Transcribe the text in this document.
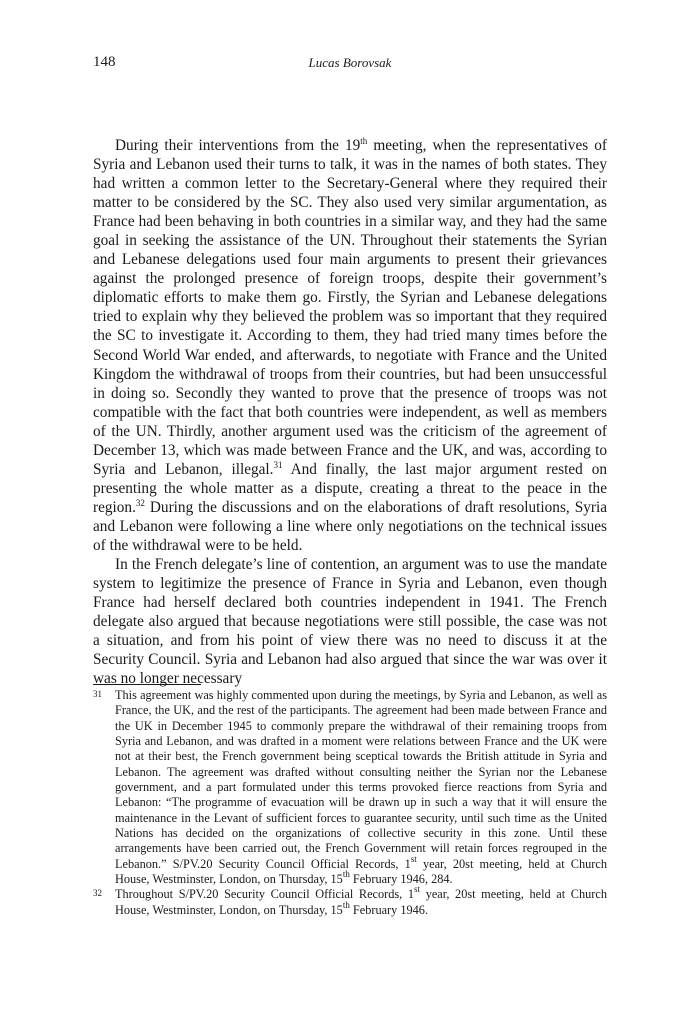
148	Lucas Borovsak

During their interventions from the 19th meeting, when the representatives of Syria and Lebanon used their turns to talk, it was in the names of both states. They had written a common letter to the Secretary-General where they required their matter to be considered by the SC. They also used very similar argumentation, as France had been behaving in both countries in a similar way, and they had the same goal in seeking the assistance of the UN. Throughout their statements the Syrian and Lebanese delegations used four main arguments to present their grievances against the prolonged presence of foreign troops, despite their government’s diplomatic efforts to make them go. Firstly, the Syrian and Lebanese delegations tried to explain why they believed the problem was so important that they required the SC to investigate it. According to them, they had tried many times before the Second World War ended, and afterwards, to negotiate with France and the United Kingdom the withdrawal of troops from their countries, but had been unsuccessful in doing so. Secondly they wanted to prove that the presence of troops was not compatible with the fact that both countries were independent, as well as members of the UN. Thirdly, another argument used was the criticism of the agreement of December 13, which was made between France and the UK, and was, according to Syria and Lebanon, illegal.$^{31}$ And finally, the last major argument rested on presenting the whole matter as a dispute, creating a threat to the peace in the region.$^{32}$ During the discussions and on the elaborations of draft resolutions, Syria and Lebanon were following a line where only negotiations on the technical issues of the withdrawal were to be held.

In the French delegate’s line of contention, an argument was to use the mandate system to legitimize the presence of France in Syria and Lebanon, even though France had herself declared both countries independent in 1941. The French delegate also argued that because negotiations were still possible, the case was not a situation, and from his point of view there was no need to discuss it at the Security Council. Syria and Lebanon had also argued that since the war was over it was no longer necessary

31 This agreement was highly commented upon during the meetings, by Syria and Lebanon, as well as France, the UK, and the rest of the participants. The agreement had been made between France and the UK in December 1945 to commonly prepare the withdrawal of their remaining troops from Syria and Lebanon, and was drafted in a moment were relations between France and the UK were not at their best, the French government being sceptical towards the British attitude in Syria and Lebanon. The agreement was drafted without consulting neither the Syrian nor the Lebanese government, and a part formulated under this terms provoked fierce reactions from Syria and Lebanon: “The programme of evacuation will be drawn up in such a way that it will ensure the maintenance in the Levant of sufficient forces to guarantee security, until such time as the United Nations has decided on the organizations of collective security in this zone. Until these arrangements have been carried out, the French Government will retain forces regrouped in the Lebanon.” S/PV.20 Security Council Official Records, 1st year, 20st meeting, held at Church House, Westminster, London, on Thursday, 15th February 1946, 284.
32 Throughout S/PV.20 Security Council Official Records, 1st year, 20st meeting, held at Church House, Westminster, London, on Thursday, 15th February 1946.
